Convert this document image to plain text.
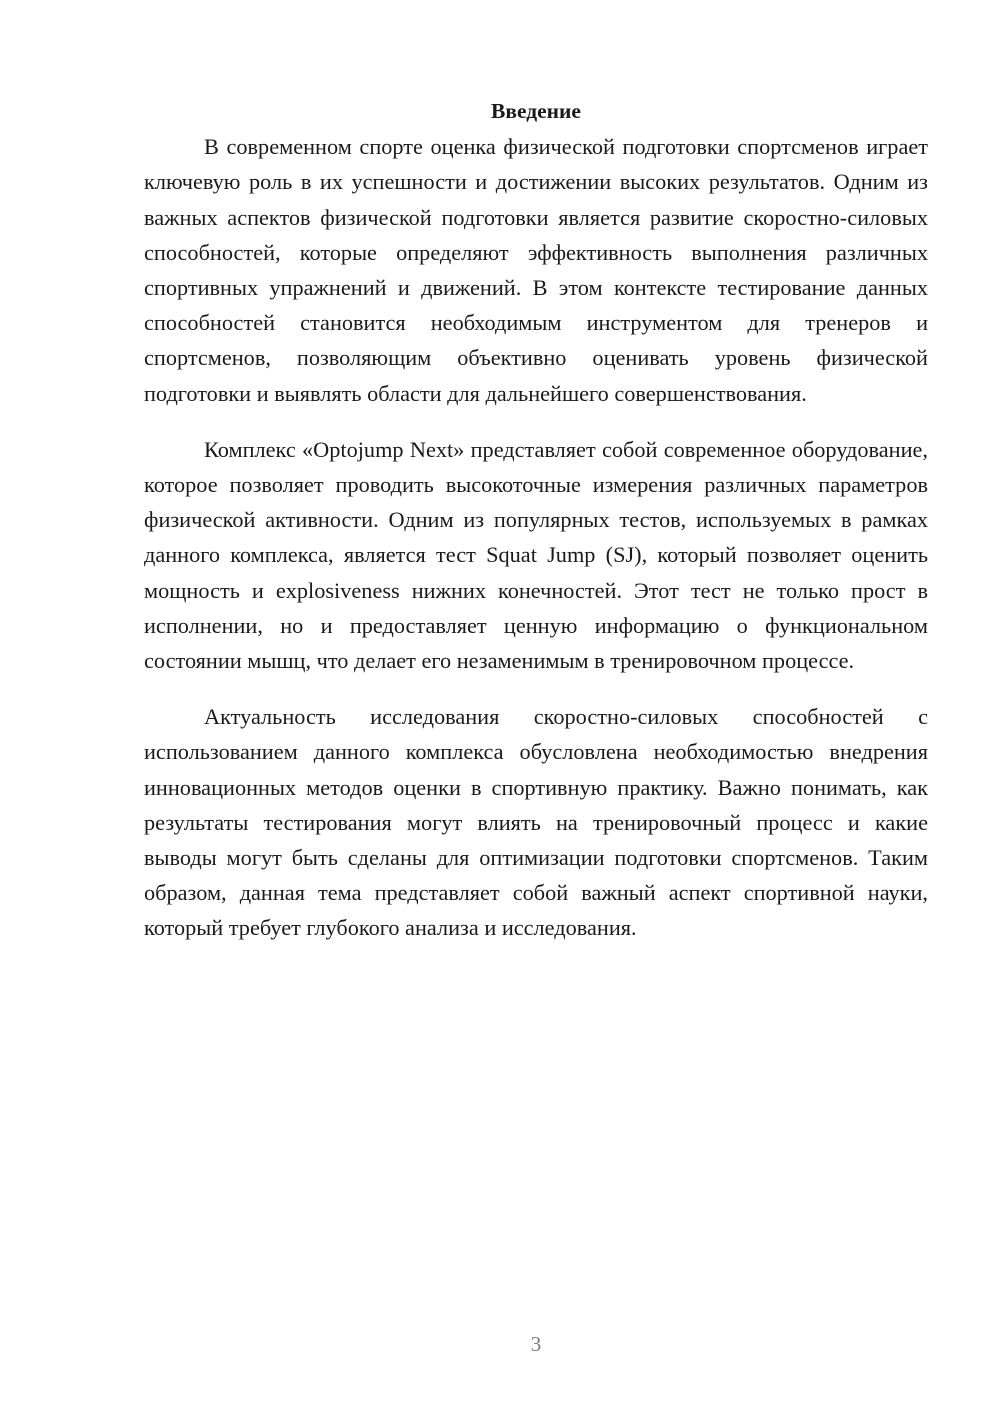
Введение

В современном спорте оценка физической подготовки спортсменов играет ключевую роль в их успешности и достижении высоких результатов. Одним из важных аспектов физической подготовки является развитие скоростно-силовых способностей, которые определяют эффективность выполнения различных спортивных упражнений и движений. В этом контексте тестирование данных способностей становится необходимым инструментом для тренеров и спортсменов, позволяющим объективно оценивать уровень физической подготовки и выявлять области для дальнейшего совершенствования.

Комплекс «Optojump Next» представляет собой современное оборудование, которое позволяет проводить высокоточные измерения различных параметров физической активности. Одним из популярных тестов, используемых в рамках данного комплекса, является тест Squat Jump (SJ), который позволяет оценить мощность и explosiveness нижних конечностей. Этот тест не только прост в исполнении, но и предоставляет ценную информацию о функциональном состоянии мышц, что делает его незаменимым в тренировочном процессе.

Актуальность исследования скоростно-силовых способностей с использованием данного комплекса обусловлена необходимостью внедрения инновационных методов оценки в спортивную практику. Важно понимать, как результаты тестирования могут влиять на тренировочный процесс и какие выводы могут быть сделаны для оптимизации подготовки спортсменов. Таким образом, данная тема представляет собой важный аспект спортивной науки, который требует глубокого анализа и исследования.

3
